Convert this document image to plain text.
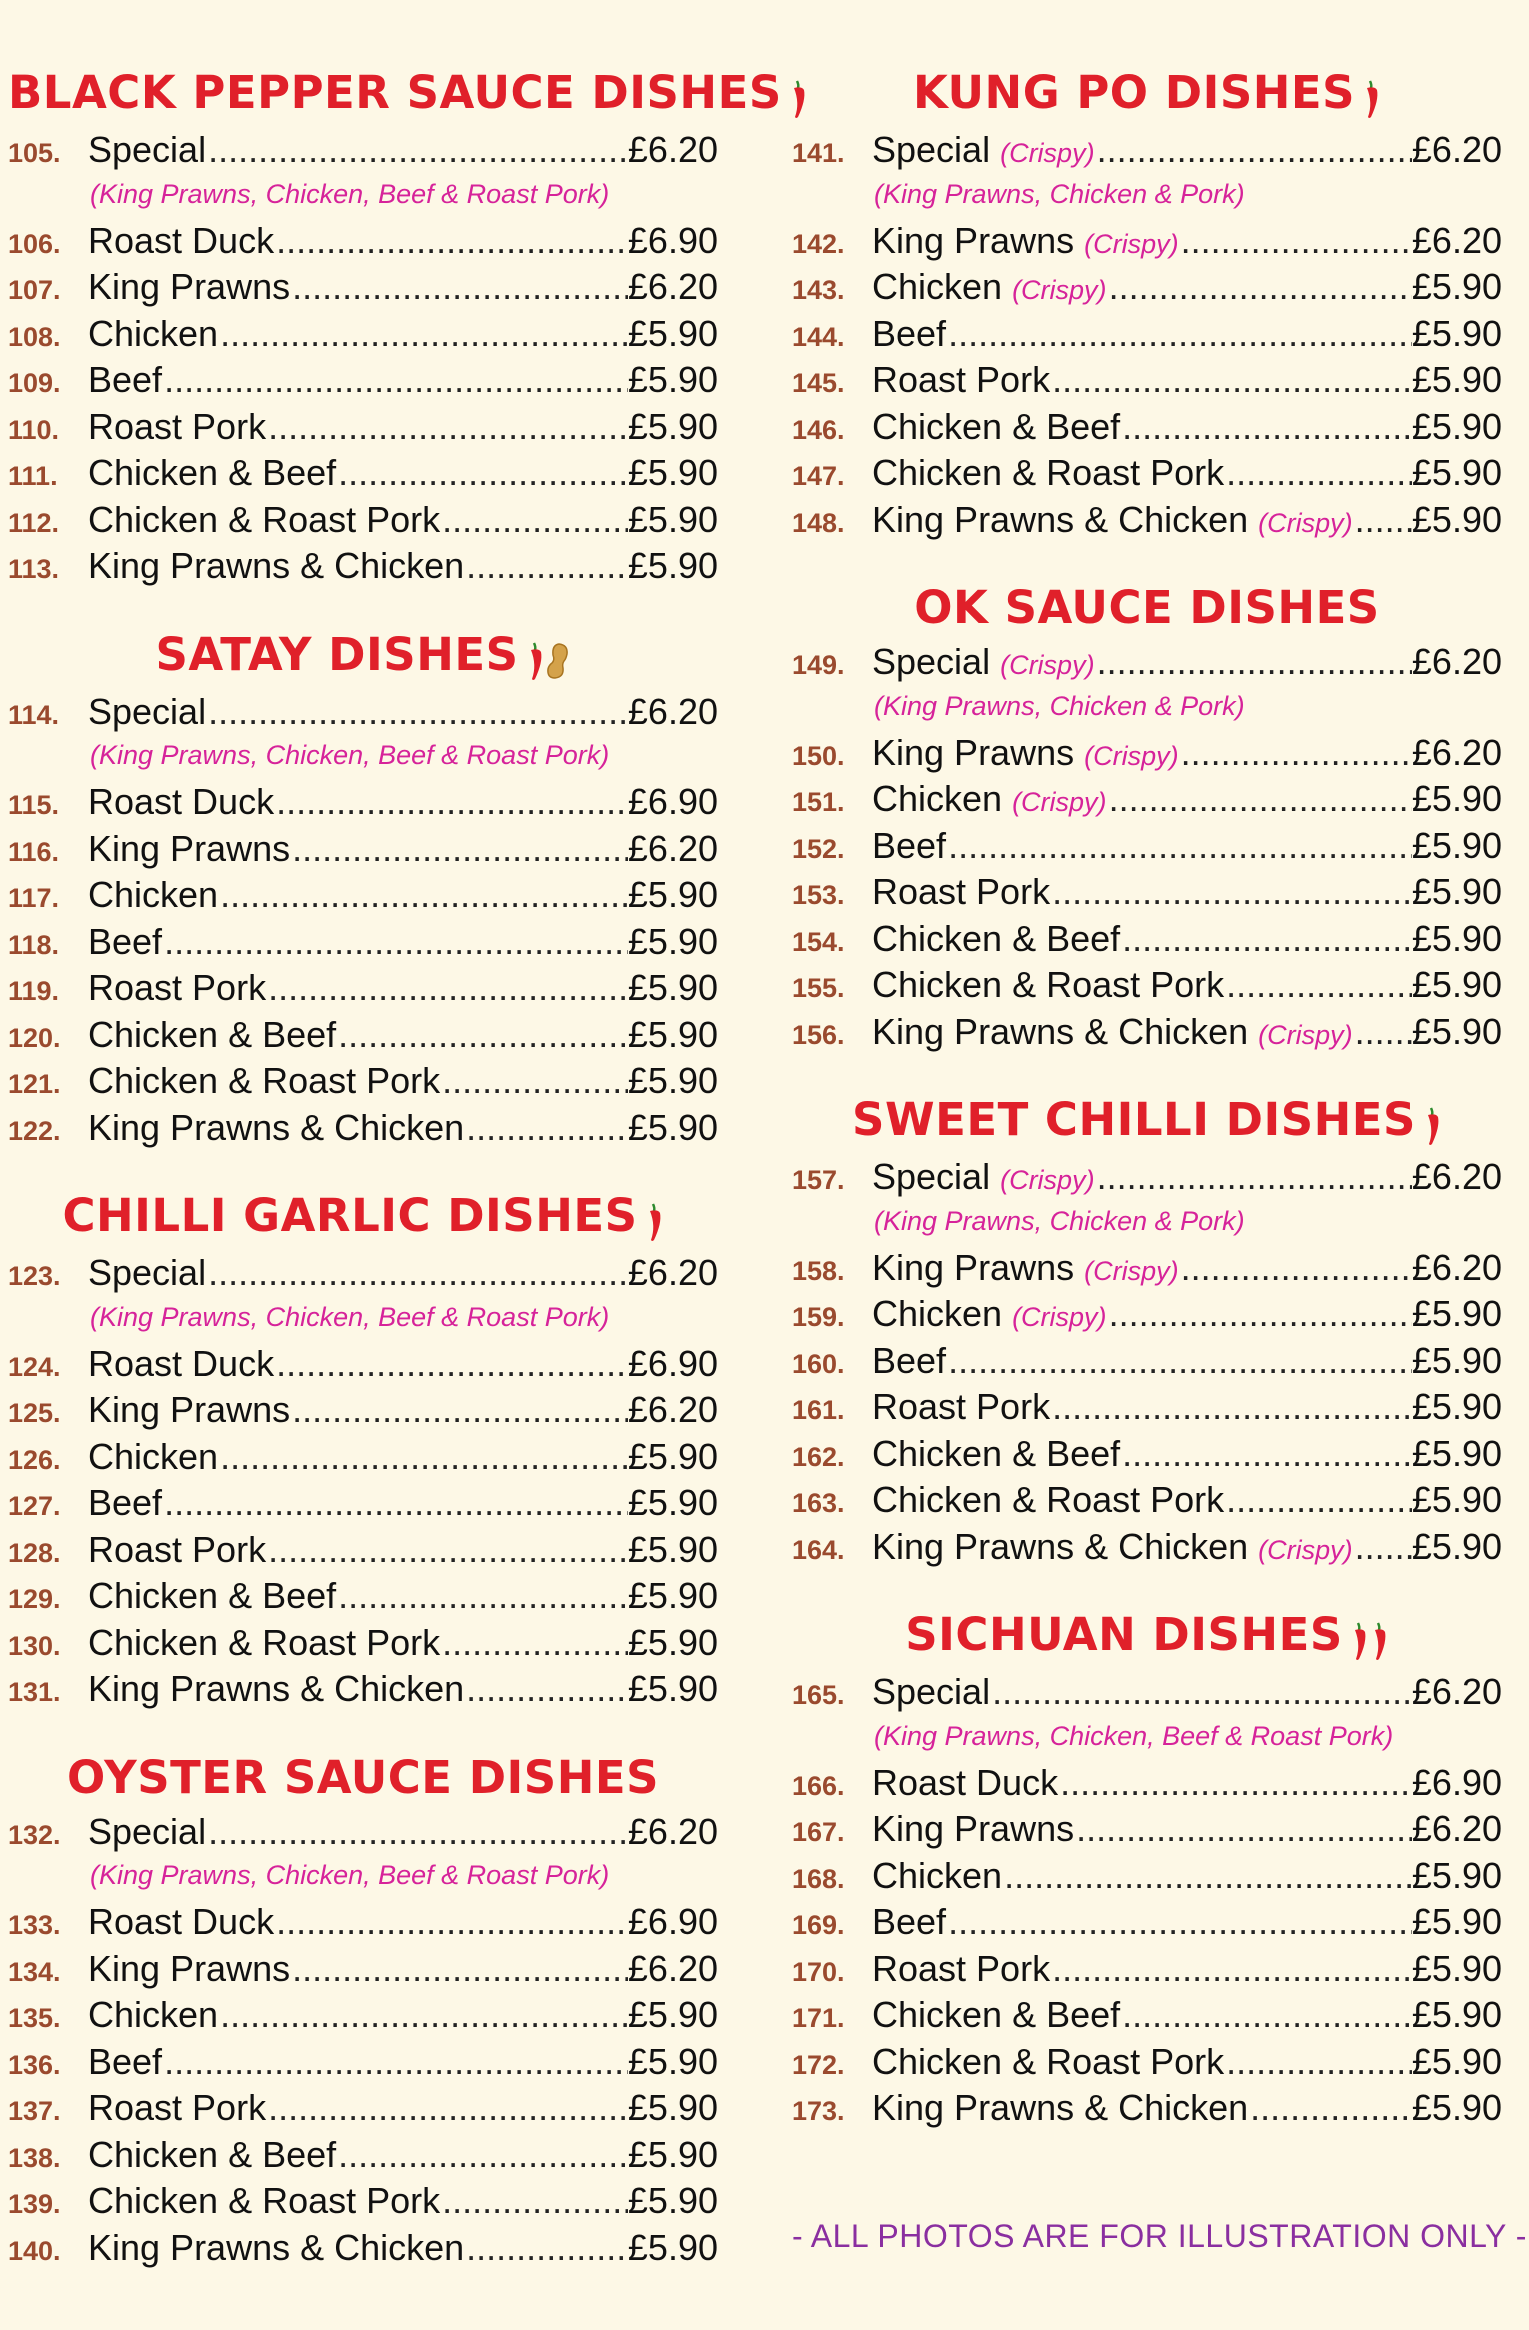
BLACK PEPPER SAUCE DISHES
105. Special .....	£6.20
(King Prawns, Chicken, Beef & Roast Pork)
106. Roast Duck .....	£6.90
107. King Prawns .....	£6.20
108. Chicken .....	£5.90
109. Beef .....	£5.90
110. Roast Pork .....	£5.90
111. Chicken & Beef .....	£5.90
112. Chicken & Roast Pork .....	£5.90
113. King Prawns & Chicken .....	£5.90
SATAY DISHES
114. Special .....	£6.20
(King Prawns, Chicken, Beef & Roast Pork)
115. Roast Duck .....	£6.90
116. King Prawns .....	£6.20
117. Chicken .....	£5.90
118. Beef .....	£5.90
119. Roast Pork .....	£5.90
120. Chicken & Beef .....	£5.90
121. Chicken & Roast Pork .....	£5.90
122. King Prawns & Chicken .....	£5.90
CHILLI GARLIC DISHES
123. Special .....	£6.20
(King Prawns, Chicken, Beef & Roast Pork)
124. Roast Duck .....	£6.90
125. King Prawns .....	£6.20
126. Chicken .....	£5.90
127. Beef .....	£5.90
128. Roast Pork .....	£5.90
129. Chicken & Beef .....	£5.90
130. Chicken & Roast Pork .....	£5.90
131. King Prawns & Chicken .....	£5.90
OYSTER SAUCE DISHES
132. Special .....	£6.20
(King Prawns, Chicken, Beef & Roast Pork)
133. Roast Duck .....	£6.90
134. King Prawns .....	£6.20
135. Chicken .....	£5.90
136. Beef .....	£5.90
137. Roast Pork .....	£5.90
138. Chicken & Beef .....	£5.90
139. Chicken & Roast Pork .....	£5.90
140. King Prawns & Chicken .....	£5.90
KUNG PO DISHES
141. Special (Crispy) .....	£6.20
(King Prawns, Chicken & Pork)
142. King Prawns (Crispy) .....	£6.20
143. Chicken (Crispy) .....	£5.90
144. Beef .....	£5.90
145. Roast Pork .....	£5.90
146. Chicken & Beef .....	£5.90
147. Chicken & Roast Pork .....	£5.90
148. King Prawns & Chicken (Crispy) ..... £5.90
OK SAUCE DISHES
149. Special (Crispy) .....	£6.20
(King Prawns, Chicken & Pork)
150. King Prawns (Crispy) .....	£6.20
151. Chicken (Crispy) .....	£5.90
152. Beef .....	£5.90
153. Roast Pork .....	£5.90
154. Chicken & Beef .....	£5.90
155. Chicken & Roast Pork .....	£5.90
156. King Prawns & Chicken (Crispy) ..... £5.90
SWEET CHILLI DISHES
157. Special (Crispy) .....	£6.20
(King Prawns, Chicken & Pork)
158. King Prawns (Crispy) .....	£6.20
159. Chicken (Crispy) .....	£5.90
160. Beef .....	£5.90
161. Roast Pork .....	£5.90
162. Chicken & Beef .....	£5.90
163. Chicken & Roast Pork .....	£5.90
164. King Prawns & Chicken (Crispy) ..... £5.90
SICHUAN DISHES
165. Special .....	£6.20
(King Prawns, Chicken, Beef & Roast Pork)
166. Roast Duck .....	£6.90
167. King Prawns .....	£6.20
168. Chicken .....	£5.90
169. Beef .....	£5.90
170. Roast Pork .....	£5.90
171. Chicken & Beef .....	£5.90
172. Chicken & Roast Pork .....	£5.90
173. King Prawns & Chicken .....	£5.90
- ALL PHOTOS ARE FOR ILLUSTRATION ONLY -
